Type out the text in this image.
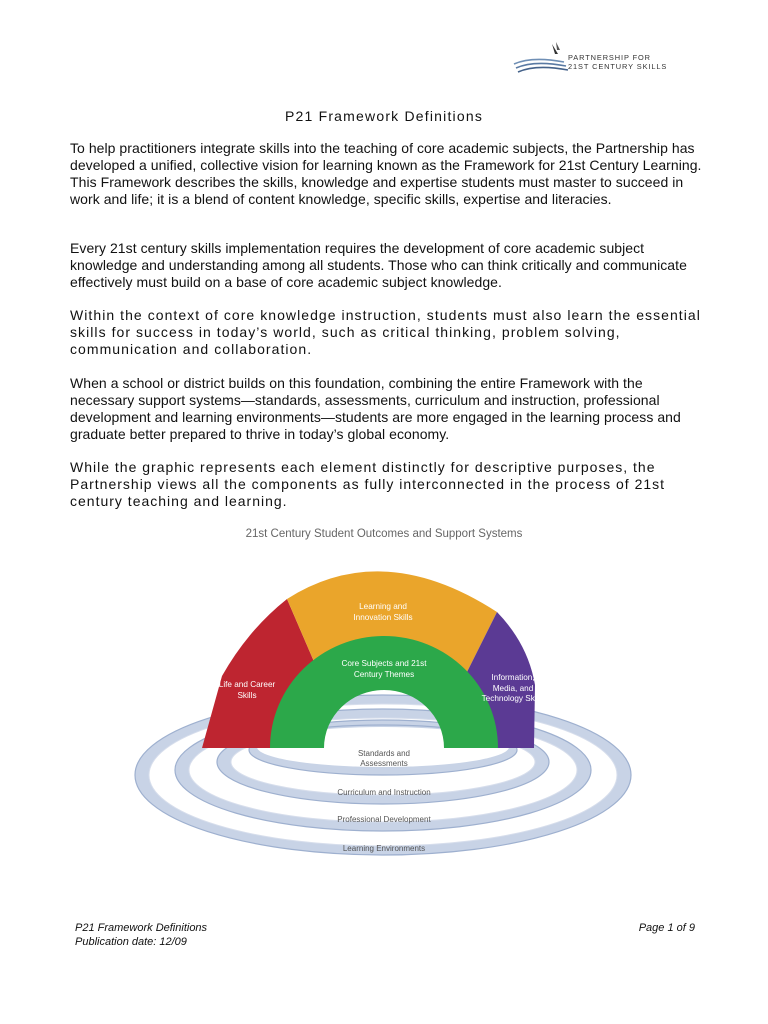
PARTNERSHIP FOR
21ST CENTURY SKILLS
P21 Framework Definitions

To help practitioners integrate skills into the teaching of core academic subjects, the Partnership has developed a unified, collective vision for learning known as the Framework for 21st Century Learning. This Framework describes the skills, knowledge and expertise students must master to succeed in work and life; it is a blend of content knowledge, specific skills, expertise and literacies.

Every 21st century skills implementation requires the development of core academic subject knowledge and understanding among all students. Those who can think critically and communicate effectively must build on a base of core academic subject knowledge.

Within the context of core knowledge instruction, students must also learn the essential skills for success in today’s world, such as critical thinking, problem solving, communication and collaboration.

When a school or district builds on this foundation, combining the entire Framework with the necessary support systems—standards, assessments, curriculum and instruction, professional development and learning environments—students are more engaged in the learning process and graduate better prepared to thrive in today’s global economy.

While the graphic represents each element distinctly for descriptive purposes, the Partnership views all the components as fully interconnected in the process of 21st century teaching and learning.

21st Century Student Outcomes and Support Systems
Life and Career Skills
Learning and Innovation Skills
Information, Media, and Technology Skills
Core Subjects and 21st Century Themes
Standards and Assessments
Curriculum and Instruction
Professional Development
Learning Environments
P21 Framework Definitions
Publication date: 12/09
Page 1 of 9
